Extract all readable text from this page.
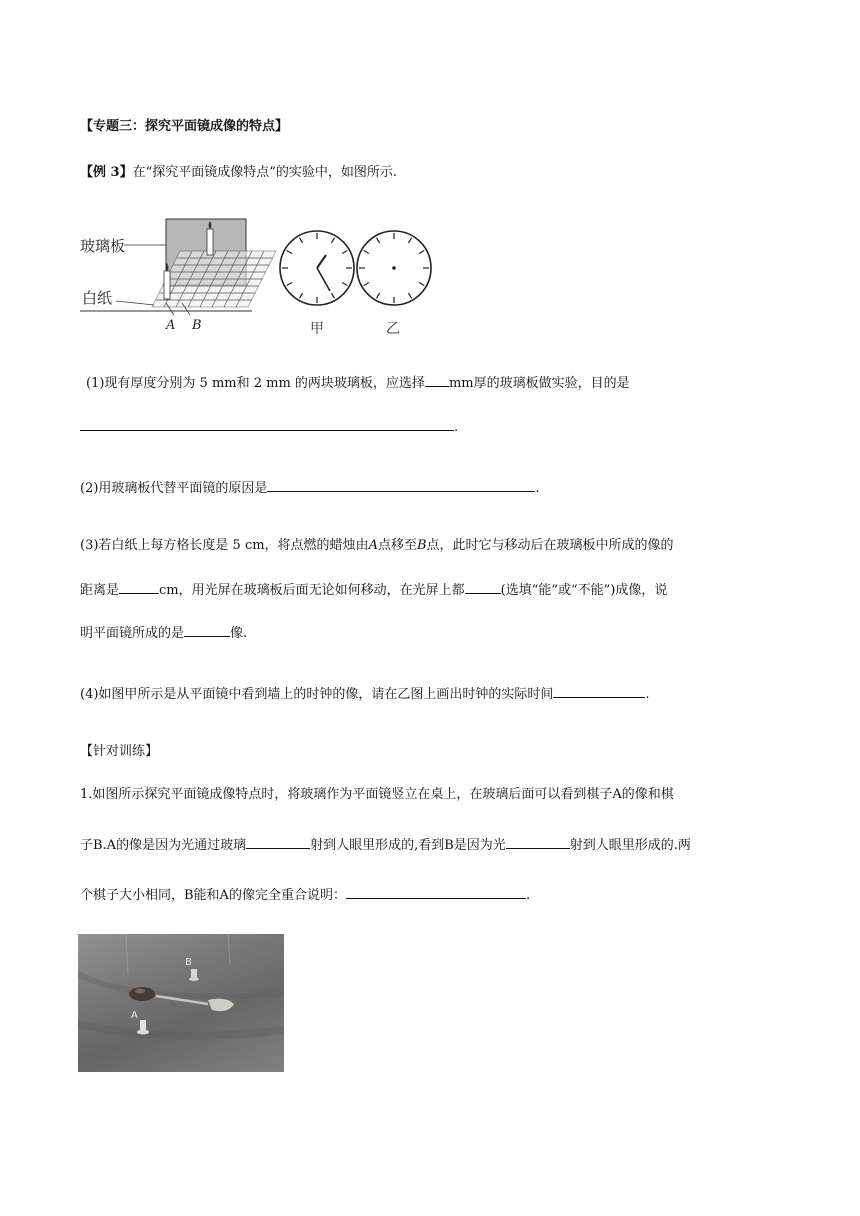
【专题三：探究平面镜成像的特点】
【例 3】在“探究平面镜成像特点”的实验中，如图所示.
玻璃板
白纸
A B	甲	乙
(1)现有厚度分别为 5 mm和 2 mm 的两块玻璃板，应选择 mm厚的玻璃板做实验，目的是
.
(2)用玻璃板代替平面镜的原因是	.
(3)若白纸上每方格长度是 5 cm，将点燃的蜡烛由A点移至B点，此时它与移动后在玻璃板中所成的像的
距离是	cm，用光屏在玻璃板后面无论如何移动，在光屏上都	(选填“能”或“不能”)成像，说
明平面镜所成的是	像.
(4)如图甲所示是从平面镜中看到墙上的时钟的像，请在乙图上画出时钟的实际时间	.
【针对训练】
1.如图所示探究平面镜成像特点时，将玻璃作为平面镜竖立在桌上，在玻璃后面可以看到棋子A的像和棋
子B.A的像是因为光通过玻璃	射到人眼里形成的,看到B是因为光	射到人眼里形成的.两
个棋子大小相同，B能和A的像完全重合说明：	.
